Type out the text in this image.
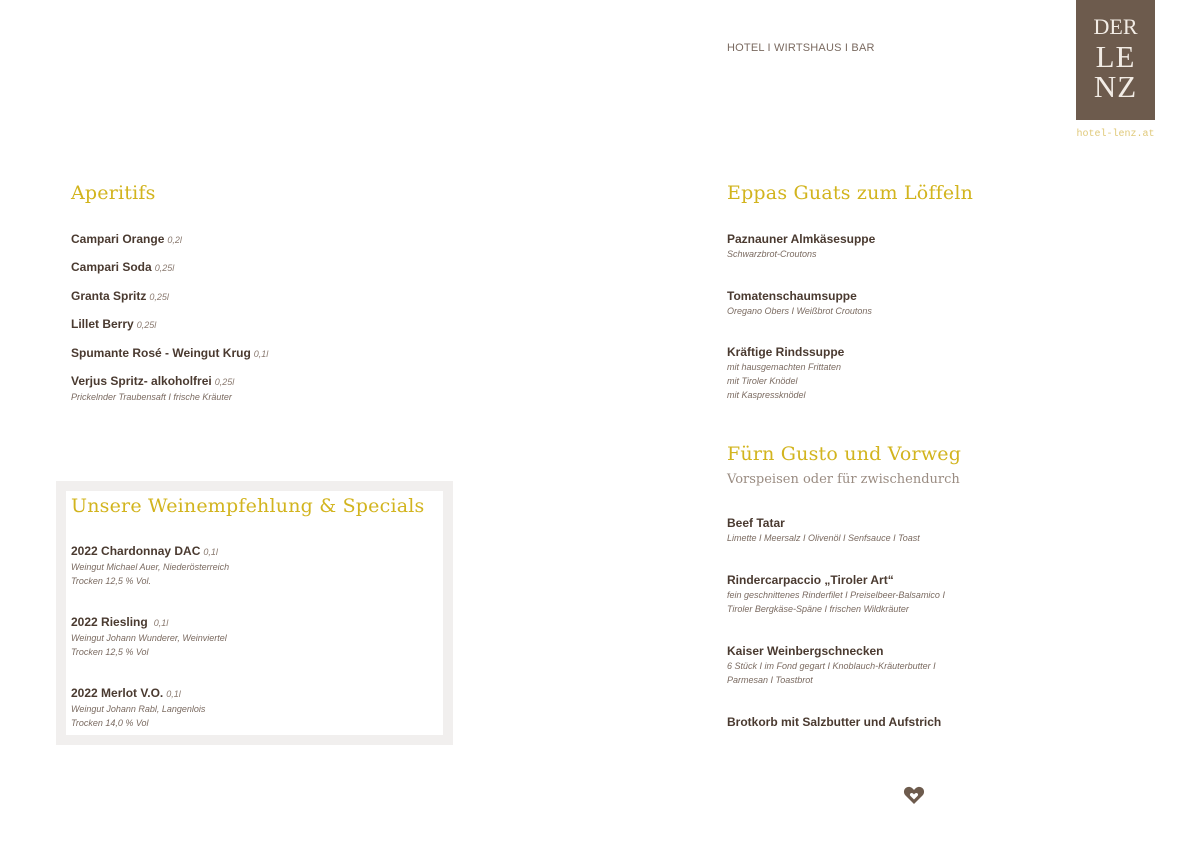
HOTEL I WIRTSHAUS I BAR
DER
LE
NZ
hotel-lenz.at
Aperitifs
Campari Orange 0,2l
Campari Soda 0,25l
Granta Spritz 0,25l
Lillet Berry 0,25l
Spumante Rosé - Weingut Krug 0,1l
Verjus Spritz- alkoholfrei 0,25l
Prickelnder Traubensaft I frische Kräuter
Unsere Weinempfehlung & Specials
2022 Chardonnay DAC 0,1l
Weingut Michael Auer, Niederösterreich
Trocken 12,5 % Vol.
2022 Riesling 0,1l
Weingut Johann Wunderer, Weinviertel
Trocken 12,5 % Vol
2022 Merlot V.O. 0,1l
Weingut Johann Rabl, Langenlois
Trocken 14,0 % Vol
Eppas Guats zum Löffeln
Paznauner Almkäsesuppe
Schwarzbrot-Croutons
Tomatenschaumsuppe
Oregano Obers I Weißbrot Croutons
Kräftige Rindssuppe
mit hausgemachten Frittaten
mit Tiroler Knödel
mit Kaspressknödel
Fürn Gusto und Vorweg
Vorspeisen oder für zwischendurch
Beef Tatar
Limette I Meersalz I Olivenöl I Senfsauce I Toast
Rindercarpaccio „Tiroler Art“
fein geschnittenes Rinderfilet I Preiselbeer-Balsamico I
Tiroler Bergkäse-Späne I frischen Wildkräuter
Kaiser Weinbergschnecken
6 Stück I im Fond gegart I Knoblauch-Kräuterbutter I
Parmesan I Toastbrot
Brotkorb mit Salzbutter und Aufstrich
